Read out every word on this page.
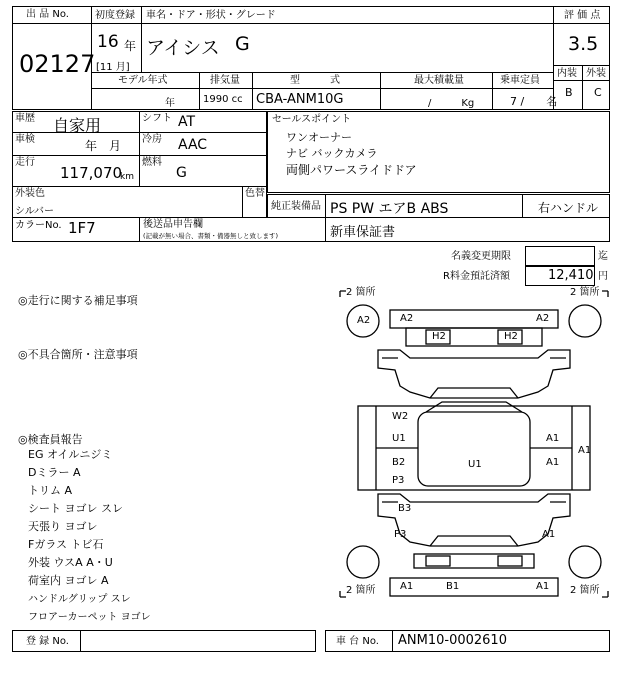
出 品 No.
02127
初度登録 車名・ドア・形状・グレード
16 年
[11 月]
アイシス G
モデル年式	排気量	型　　　式	最大積載量	乗車定員
年	1990 cc CBA-ANM10G	/　　　Kg	7 /　　名
評 価 点
3.5
内装 外装
B C
車歴 自家用
車検	年　月
走行
117,070
km
シフト AT
冷房 AAC
燃料
G
セールスポイント
ワンオーナー
ナビ バックカメラ
両側パワースライドドア
外装色
シルバー
色替
純正装備品 PS PW エアB ABS	右ハンドル
カラーNo. 1F7	後送品申告欄
(記載が無い場合、書類・備器無しと致します)	新車保証書
名義変更期限	迄
R料金預託済額	12,410 円
◎走行に関する補足事項
◎不具合箇所・注意事項
◎検査員報告
EG オイルニジミ
Dミラー A
トリム A
シート ヨゴレ スレ
天張り ヨゴレ
Fガラス トビ石
外装 ウスA A・U
荷室内 ヨゴレ A
ハンドルグリップ スレ
フロアーカーペット ヨゴレ
2 箇所	2 箇所
2 箇所	2 箇所
A2	A2	A2
H2	H2
W2
U1
B2
P3
U1
A1
A1
A1
B3
P3	A1
A1	B1	A1
登 録 No.	車 台 No. ANM10-0002610
